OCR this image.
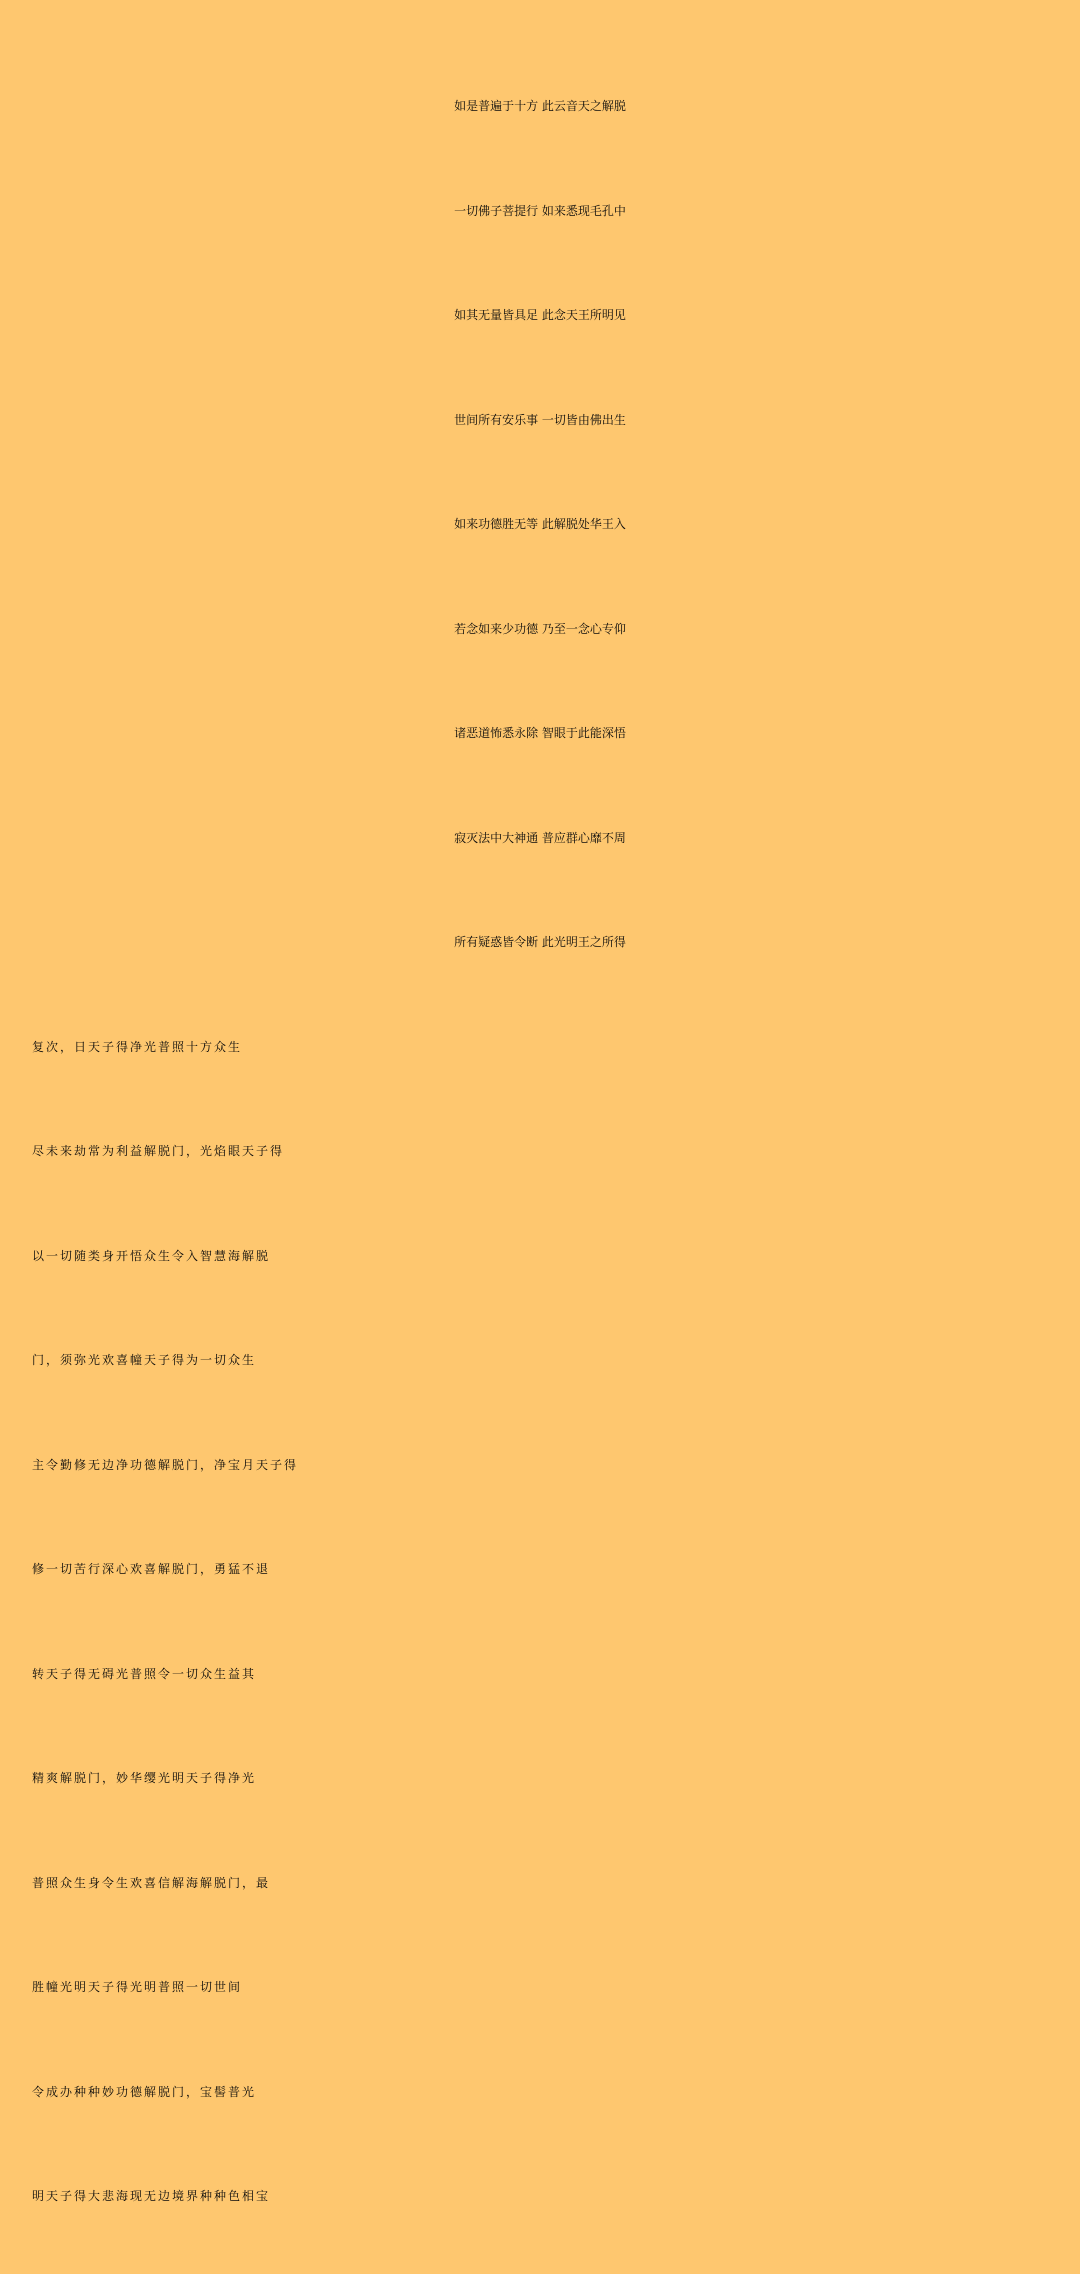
如是普遍于十方 此云音天之解脱
一切佛子菩提行 如来悉现毛孔中
如其无量皆具足 此念天王所明见
世间所有安乐事 一切皆由佛出生
如来功德胜无等 此解脱处华王入
若念如来少功德 乃至一念心专仰
诸恶道怖悉永除 智眼于此能深悟
寂灭法中大神通 普应群心靡不周
所有疑惑皆令断 此光明王之所得
复次，日天子得净光普照十方众生
尽未来劫常为利益解脱门，光焰眼天子得
以一切随类身开悟众生令入智慧海解脱
门，须弥光欢喜幢天子得为一切众生
主令勤修无边净功德解脱门，净宝月天子得
修一切苦行深心欢喜解脱门，勇猛不退
转天子得无碍光普照令一切众生益其
精爽解脱门，妙华缨光明天子得净光
普照众生身令生欢喜信解海解脱门，最
胜幢光明天子得光明普照一切世间
令成办种种妙功德解脱门，宝髻普光
明天子得大悲海现无边境界种种色相宝
